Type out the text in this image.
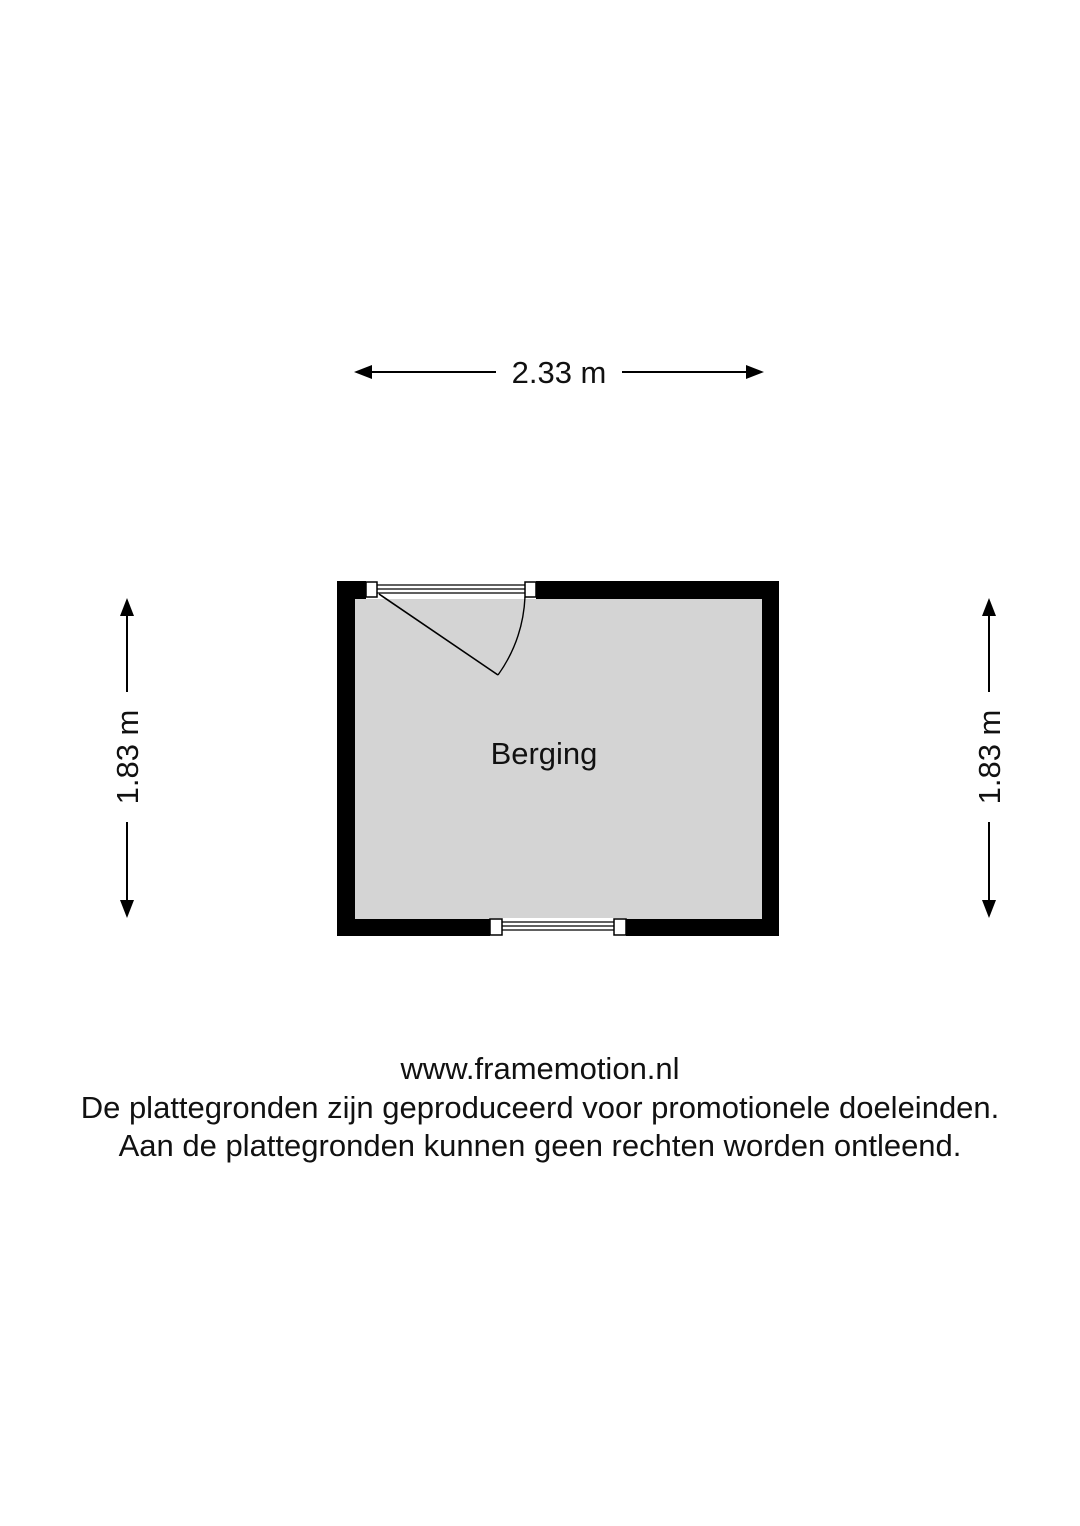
2.33 m
1.83 m	1.83 m
Berging
www.framemotion.nl
De plattegronden zijn geproduceerd voor promotionele doeleinden.
Aan de plattegronden kunnen geen rechten worden ontleend.
